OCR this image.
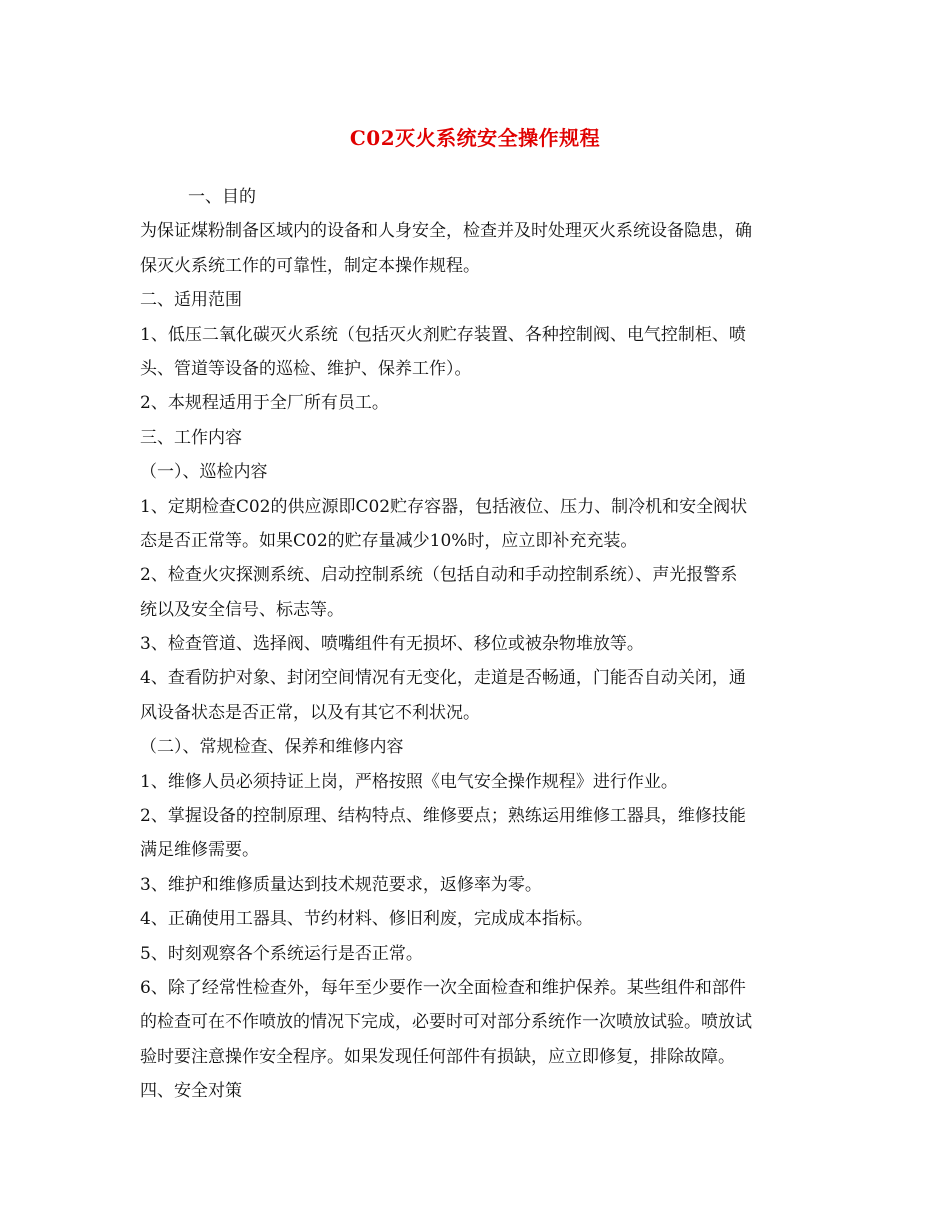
C02灭火系统安全操作规程
一、目的
为保证煤粉制备区域内的设备和人身安全，检查并及时处理灭火系统设备隐患，确
保灭火系统工作的可靠性，制定本操作规程。
二、适用范围
1、低压二氧化碳灭火系统（包括灭火剂贮存装置、各种控制阀、电气控制柜、喷
头、管道等设备的巡检、维护、保养工作）。
2、本规程适用于全厂所有员工。
三、工作内容
（一）、巡检内容
1、定期检查C02的供应源即C02贮存容器，包括液位、压力、制冷机和安全阀状
态是否正常等。如果C02的贮存量减少10%时，应立即补充充装。
2、检查火灾探测系统、启动控制系统（包括自动和手动控制系统）、声光报警系
统以及安全信号、标志等。
3、检查管道、选择阀、喷嘴组件有无损坏、移位或被杂物堆放等。
4、查看防护对象、封闭空间情况有无变化，走道是否畅通，门能否自动关闭，通
风设备状态是否正常，以及有其它不利状况。
（二）、常规检查、保养和维修内容
1、维修人员必须持证上岗，严格按照《电气安全操作规程》进行作业。
2、掌握设备的控制原理、结构特点、维修要点；熟练运用维修工器具，维修技能
满足维修需要。
3、维护和维修质量达到技术规范要求，返修率为零。
4、正确使用工器具、节约材料、修旧利废，完成成本指标。
5、时刻观察各个系统运行是否正常。
6、除了经常性检查外，每年至少要作一次全面检查和维护保养。某些组件和部件
的检查可在不作喷放的情况下完成，必要时可对部分系统作一次喷放试验。喷放试
验时要注意操作安全程序。如果发现任何部件有损缺，应立即修复，排除故障。
四、安全对策
